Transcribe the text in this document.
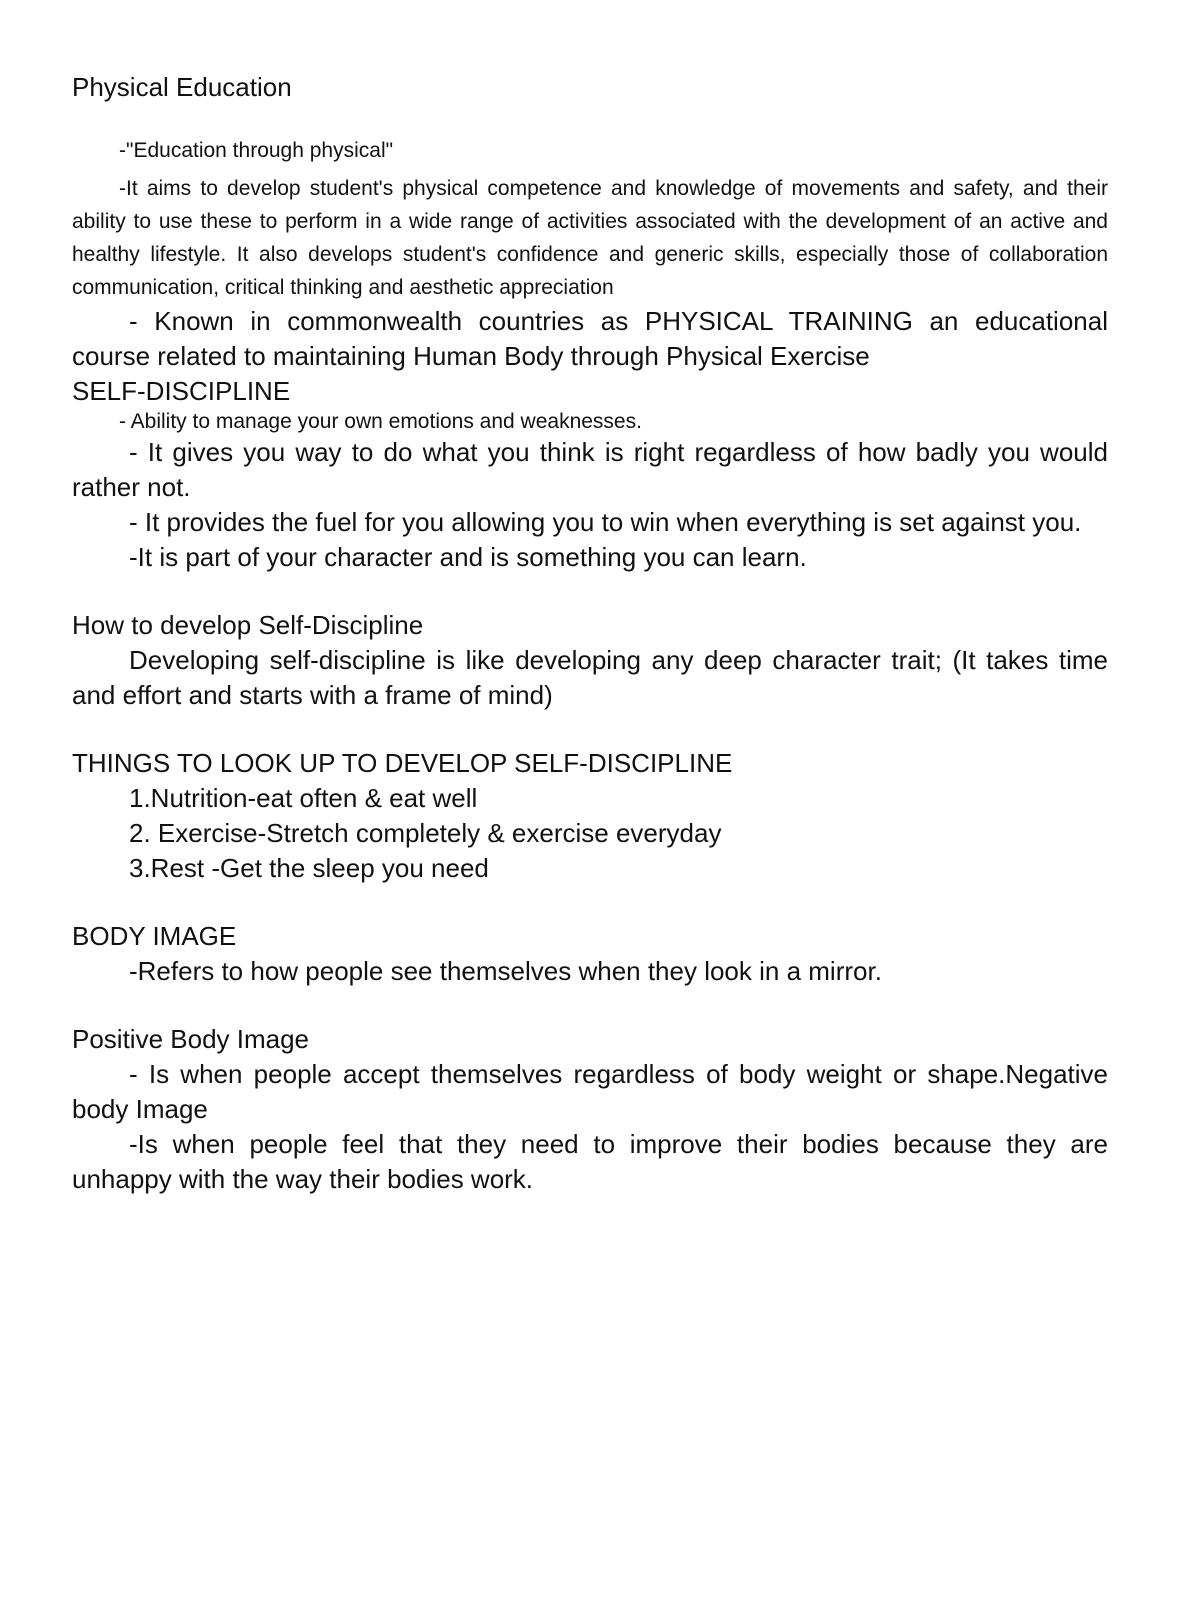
Physical Education

-"Education through physical"

-It aims to develop student's physical competence and knowledge of movements and safety, and their ability to use these to perform in a wide range of activities associated with the development of an active and healthy lifestyle. It also develops student's confidence and generic skills, especially those of collaboration communication, critical thinking and aesthetic appreciation

- Known in commonwealth countries as PHYSICAL TRAINING an educational course related to maintaining Human Body through Physical Exercise

SELF-DISCIPLINE

- Ability to manage your own emotions and weaknesses.

- It gives you way to do what you think is right regardless of how badly you would rather not.

- It provides the fuel for you allowing you to win when everything is set against you.

-It is part of your character and is something you can learn.

How to develop Self-Discipline

Developing self-discipline is like developing any deep character trait; (It takes time and effort and starts with a frame of mind)

THINGS TO LOOK UP TO DEVELOP SELF-DISCIPLINE

1.Nutrition-eat often & eat well

2. Exercise-Stretch completely & exercise everyday

3.Rest -Get the sleep you need

BODY IMAGE

-Refers to how people see themselves when they look in a mirror.

Positive Body Image

- Is when people accept themselves regardless of body weight or shape.Negative body Image

-Is when people feel that they need to improve their bodies because they are unhappy with the way their bodies work.
